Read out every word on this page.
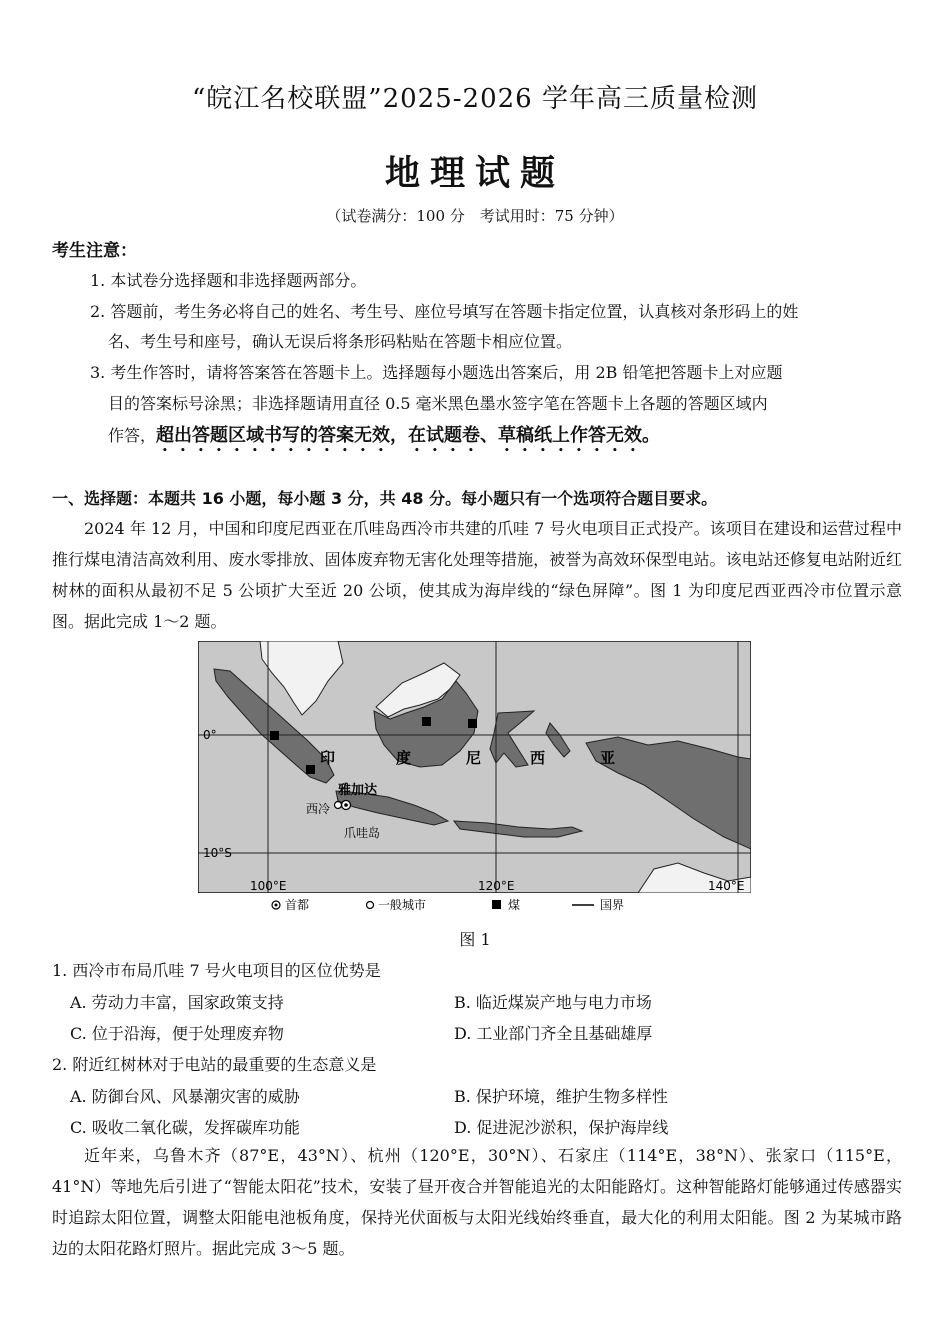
“皖江名校联盟”2025-2026 学年高三质量检测
地理试题
（试卷满分：100 分　考试用时：75 分钟）
考生注意：
1. 本试卷分选择题和非选择题两部分。
2. 答题前，考生务必将自己的姓名、考生号、座位号填写在答题卡指定位置，认真核对条形码上的姓
名、考生号和座号，确认无误后将条形码粘贴在答题卡相应位置。
3. 考生作答时，请将答案答在答题卡上。选择题每小题选出答案后，用 2B 铅笔把答题卡上对应题
目的答案标号涂黑；非选择题请用直径 0.5 毫米黑色墨水签字笔在答题卡上各题的答题区域内
作答，超出答题区域书写的答案无效，在试题卷、草稿纸上作答无效。
一、选择题：本题共 16 小题，每小题 3 分，共 48 分。每小题只有一个选项符合题目要求。
2024 年 12 月，中国和印度尼西亚在爪哇岛西冷市共建的爪哇 7 号火电项目正式投产。该项目在建设和运营过程中推行煤电清洁高效利用、废水零排放、固体废弃物无害化处理等措施，被誉为高效环保型电站。该电站还修复电站附近红树林的面积从最初不足 5 公顷扩大至近 20 公顷，使其成为海岸线的“绿色屏障”。图 1 为印度尼西亚西冷市位置示意图。据此完成 1～2 题。
0°
10°S
100°E	120°E	140°E
印	度	尼	西	亚
雅加达
西冷
爪哇岛
首都	一般城市	煤	国界
图 1
1. 西冷市布局爪哇 7 号火电项目的区位优势是
A. 劳动力丰富，国家政策支持	B. 临近煤炭产地与电力市场
C. 位于沿海，便于处理废弃物	D. 工业部门齐全且基础雄厚
2. 附近红树林对于电站的最重要的生态意义是
A. 防御台风、风暴潮灾害的威胁	B. 保护环境，维护生物多样性
C. 吸收二氧化碳，发挥碳库功能	D. 促进泥沙淤积，保护海岸线
近年来，乌鲁木齐（87°E，43°N）、杭州（120°E，30°N）、石家庄（114°E，38°N）、张家口（115°E，41°N）等地先后引进了“智能太阳花”技术，安装了昼开夜合并智能追光的太阳能路灯。这种智能路灯能够通过传感器实时追踪太阳位置，调整太阳能电池板角度，保持光伏面板与太阳光线始终垂直，最大化的利用太阳能。图 2 为某城市路边的太阳花路灯照片。据此完成 3～5 题。
